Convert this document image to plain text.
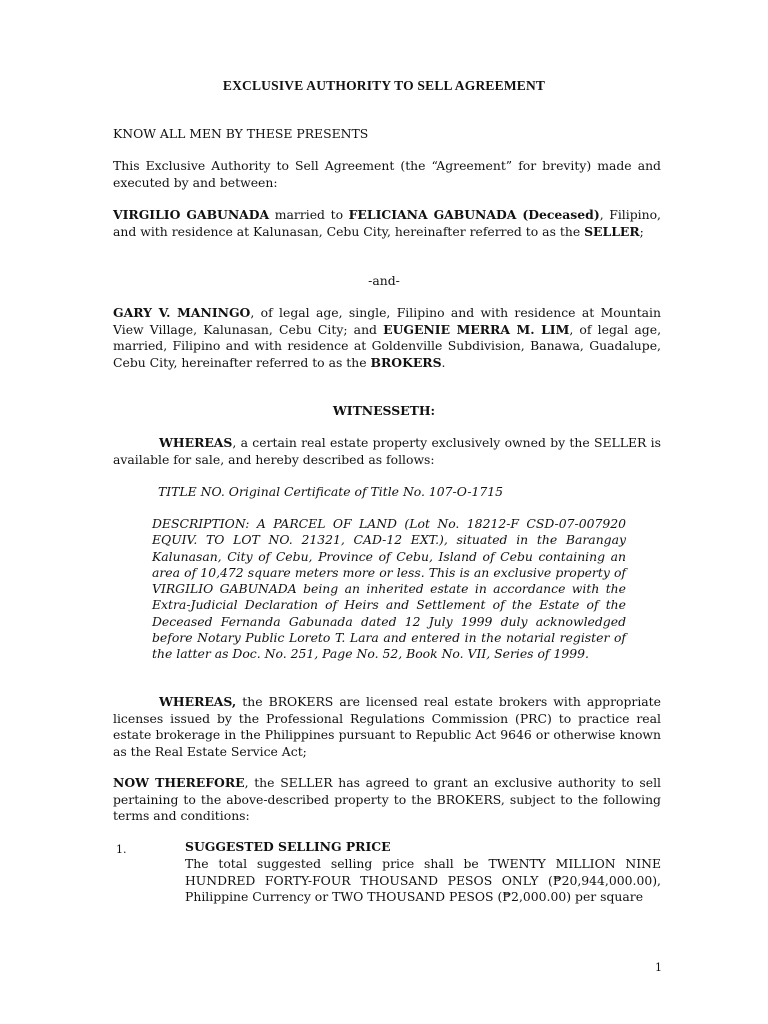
EXCLUSIVE AUTHORITY TO SELL AGREEMENT

KNOW ALL MEN BY THESE PRESENTS

This Exclusive Authority to Sell Agreement (the “Agreement” for brevity) made and executed by and between:

VIRGILIO GABUNADA married to FELICIANA GABUNADA (Deceased), Filipino, and with residence at Kalunasan, Cebu City, hereinafter referred to as the SELLER;

-and-

GARY V. MANINGO, of legal age, single, Filipino and with residence at Mountain View Village, Kalunasan, Cebu City; and EUGENIE MERRA M. LIM, of legal age, married, Filipino and with residence at Goldenville Subdivision, Banawa, Guadalupe, Cebu City, hereinafter referred to as the BROKERS.

WITNESSETH:

WHEREAS, a certain real estate property exclusively owned by the SELLER is available for sale, and hereby described as follows:

TITLE NO. Original Certificate of Title No. 107-O-1715

DESCRIPTION: A PARCEL OF LAND (Lot No. 18212-F CSD-07-007920 EQUIV. TO LOT NO. 21321, CAD-12 EXT.), situated in the Barangay Kalunasan, City of Cebu, Province of Cebu, Island of Cebu containing an area of 10,472 square meters more or less. This is an exclusive property of VIRGILIO GABUNADA being an inherited estate in accordance with the Extra-Judicial Declaration of Heirs and Settlement of the Estate of the Deceased Fernanda Gabunada dated 12 July 1999 duly acknowledged before Notary Public Loreto T. Lara and entered in the notarial register of the latter as Doc. No. 251, Page No. 52, Book No. VII, Series of 1999.

WHEREAS, the BROKERS are licensed real estate brokers with appropriate licenses issued by the Professional Regulations Commission (PRC) to practice real estate brokerage in the Philippines pursuant to Republic Act 9646 or otherwise known as the Real Estate Service Act;

NOW THEREFORE, the SELLER has agreed to grant an exclusive authority to sell pertaining to the above-described property to the BROKERS, subject to the following terms and conditions:

1.	SUGGESTED SELLING PRICE

The total suggested selling price shall be TWENTY MILLION NINE HUNDRED FORTY-FOUR THOUSAND PESOS ONLY (₱20,944,000.00), Philippine Currency or TWO THOUSAND PESOS (₱2,000.00) per square

1
